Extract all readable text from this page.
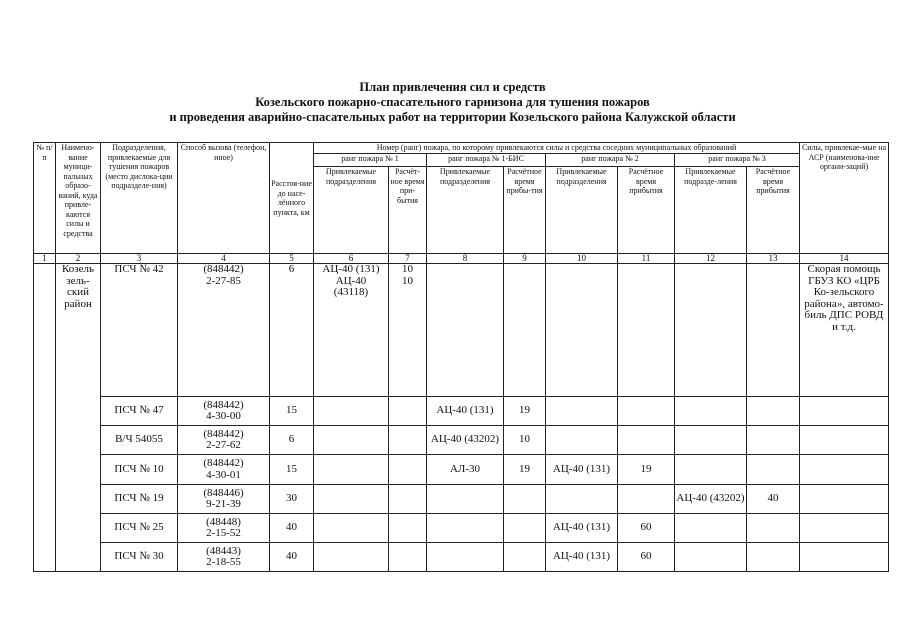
План привлечения сил и средств
Козельского пожарно-спасательного гарнизона для тушения пожаров
и проведения аварийно-спасательных работ на территории Козельского района Калужской области
№ п/п	Наимено-вание муници-пальных образо-ваний, куда привле-каются силы и средства	Подразделения, привлекаемые для тушения пожаров (место дислока-ции подразделе-ния)	Способ вызова (телефон, иное)	Расстоя-ние до насе-лённого пункта, км	Номер (ранг) пожара, по которому привлекаются силы и средства соседних муниципальных образований								Силы, привлекае-мые на АСР (наименова-ние органи-заций)
					ранг пожара № 1		ранг пожара № 1-БИС		ранг пожара № 2		ранг пожара № 3		
					Привлекаемые подразделения	Расчёт-ное время при-бытия	Привлекаемые подразделения	Расчётное время прибы-тия	Привлекаемые подразделения	Расчётное время прибытия	Привлекаемые подразде-ления	Расчётное время прибытия	
1	2	3	4	5	6	7	8	9	10	11	12	13	14
	Козель зель-ский район	ПСЧ № 42	(848442)
2-27-85	6	АЦ-40 (131)
АЦ-40
(43118)	10
10							Скорая помощь ГБУЗ КО «ЦРБ Ко-зельского района», автомо-биль ДПС РОВД и т.д.
		ПСЧ № 47	(848442)
4-30-00	15			АЦ-40 (131)	19					
		В/Ч 54055	(848442)
2-27-62	6			АЦ-40 (43202)	10					
		ПСЧ № 10	(848442)
4-30-01	15			АЛ-30	19	АЦ-40 (131)	19			
		ПСЧ № 19	(848446)
9-21-39	30							АЦ-40 (43202)	40	
		ПСЧ № 25	(48448)
2-15-52	40					АЦ-40 (131)	60			
		ПСЧ № 30	(48443)
2-18-55	40					АЦ-40 (131)	60			
